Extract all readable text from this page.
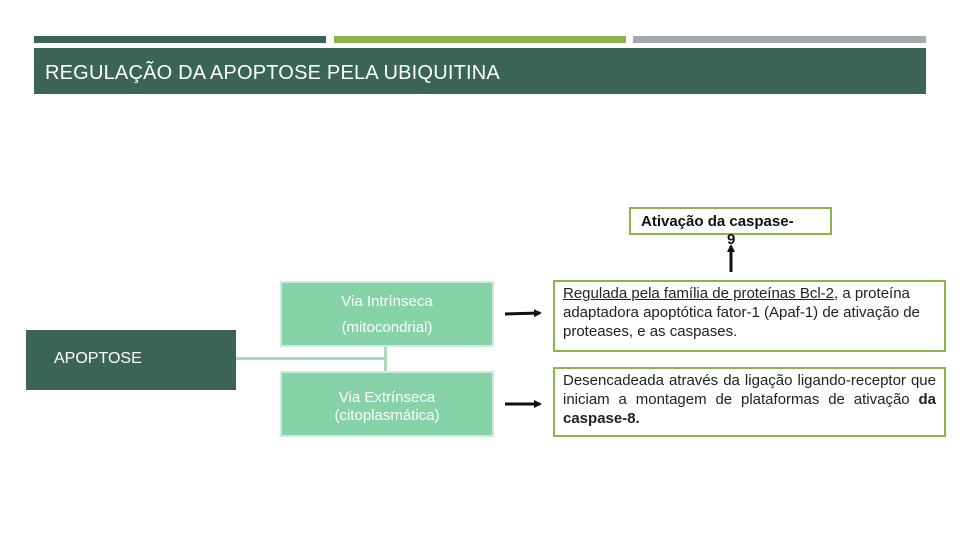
REGULAÇÃO DA APOPTOSE PELA UBIQUITINA
APOPTOSE
Via Intrínseca
(mitocondrial)
Via Extrínseca
(citoplasmática)
Regulada pela família de proteínas Bcl-2, a proteína adaptadora apoptótica fator-1 (Apaf-1) de ativação de proteases, e as caspases.
Desencadeada através da ligação ligando-receptor que iniciam a montagem de plataformas de ativação da caspase-8.
Ativação da caspase-
9
